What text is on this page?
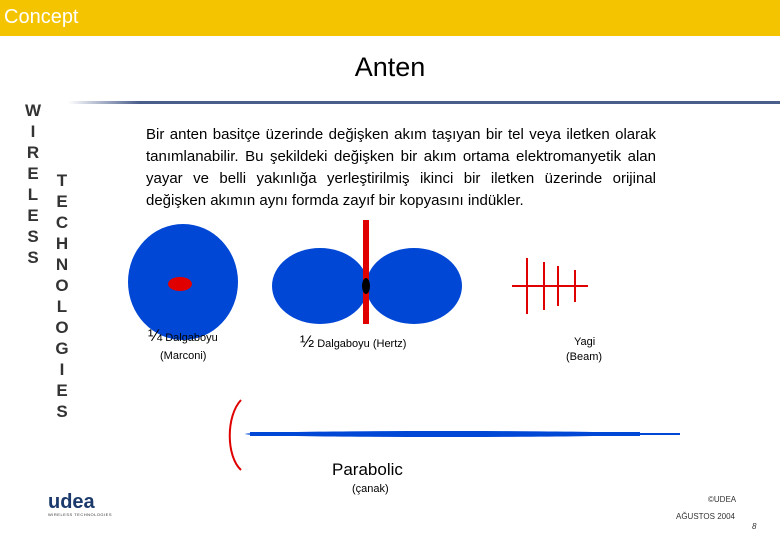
Concept
Anten
W
I
R
E
L
E
S
S
T
E
C
H
N
O
L
O
G
I
E
S
Bir anten basitçe üzerinde değişken akım taşıyan bir tel veya iletken olarak tanımlanabilir. Bu şekildeki değişken bir akım ortama elektromanyetik alan yayar ve belli yakınlığa yerleştirilmiş ikinci bir iletken üzerinde orijinal değişken akımın aynı formda zayıf bir kopyasını indükler.
¼ Dalgaboyu
(Marconi)
½ Dalgaboyu (Hertz)	Yagi
(Beam)
Parabolic
(çanak)
udea
WIRELESS TECHNOLOGIES
©UDEA
AĞUSTOS 2004
8
